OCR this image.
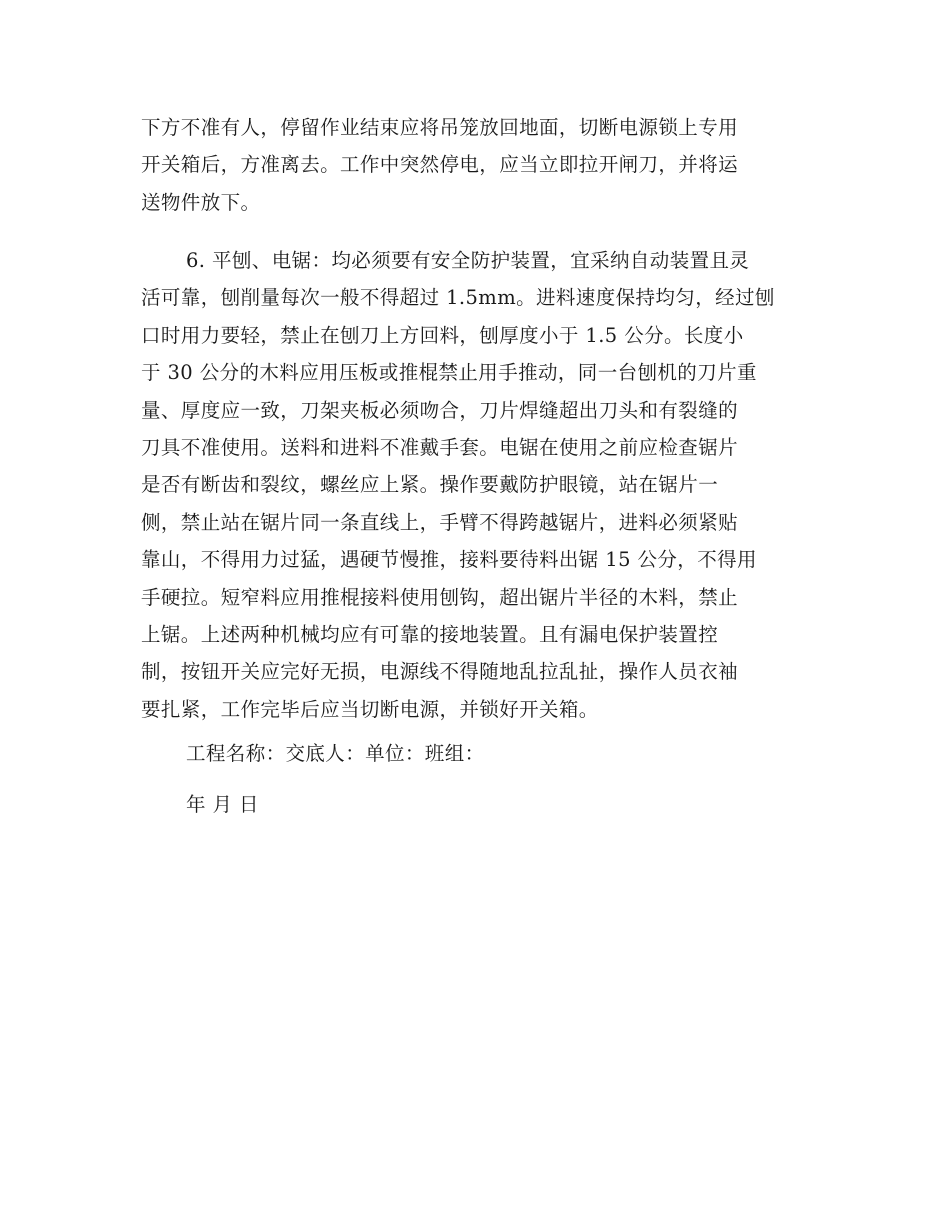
下方不准有人，停留作业结束应将吊笼放回地面，切断电源锁上专用
开关箱后，方准离去。工作中突然停电，应当立即拉开闸刀，并将运
送物件放下。
6. 平刨、电锯：均必须要有安全防护装置，宜采纳自动装置且灵
活可靠，刨削量每次一般不得超过 1.5mm。进料速度保持均匀，经过刨
口时用力要轻，禁止在刨刀上方回料，刨厚度小于 1.5 公分。长度小
于 30 公分的木料应用压板或推棍禁止用手推动，同一台刨机的刀片重
量、厚度应一致，刀架夹板必须吻合，刀片焊缝超出刀头和有裂缝的
刀具不准使用。送料和进料不准戴手套。电锯在使用之前应检查锯片
是否有断齿和裂纹，螺丝应上紧。操作要戴防护眼镜，站在锯片一
侧，禁止站在锯片同一条直线上，手臂不得跨越锯片，进料必须紧贴
靠山，不得用力过猛，遇硬节慢推，接料要待料出锯 15 公分，不得用
手硬拉。短窄料应用推棍接料使用刨钩，超出锯片半径的木料，禁止
上锯。上述两种机械均应有可靠的接地装置。且有漏电保护装置控
制，按钮开关应完好无损，电源线不得随地乱拉乱扯，操作人员衣袖
要扎紧，工作完毕后应当切断电源，并锁好开关箱。
工程名称：交底人：单位：班组：
年 月 日
